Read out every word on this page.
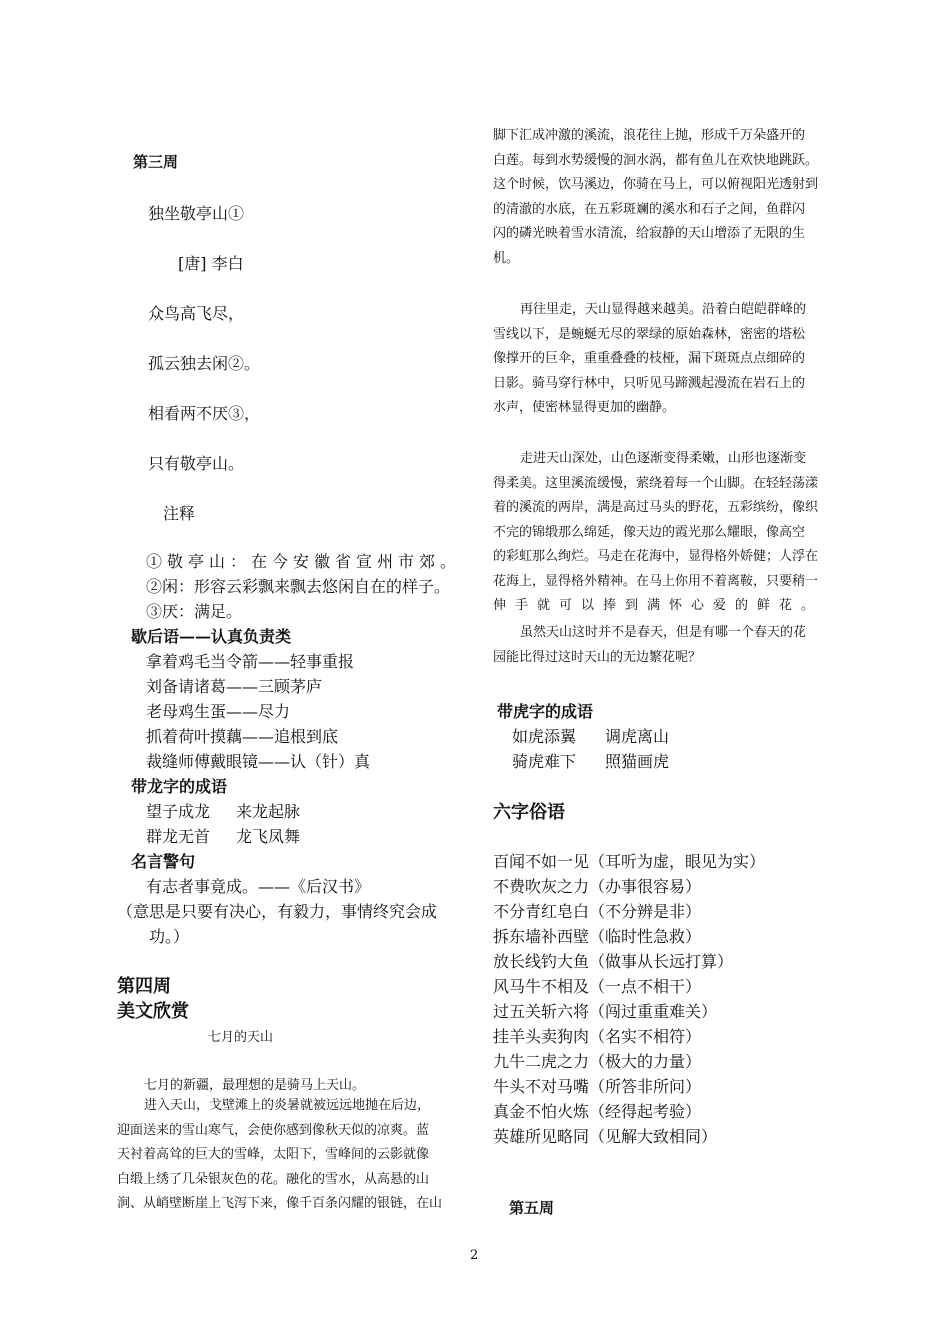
第三周
独坐敬亭山①
[唐] 李白
众鸟高飞尽，
孤云独去闲②。
相看两不厌③，
只有敬亭山。
注释
①敬亭山：在今安徽省宣州市郊。
②闲：形容云彩飘来飘去悠闲自在的样子。
③厌：满足。
歇后语——认真负责类
拿着鸡毛当令箭——轻事重报
刘备请诸葛——三顾茅庐
老母鸡生蛋——尽力
抓着荷叶摸藕——追根到底
裁缝师傅戴眼镜——认（针）真
带龙字的成语
望子成龙 来龙起脉
群龙无首 龙飞凤舞
名言警句
有志者事竟成。——《后汉书》
（意思是只要有决心，有毅力，事情终究会成
功。）
第四周
美文欣赏
七月的天山
七月的新疆，最理想的是骑马上天山。
进入天山，戈壁滩上的炎暑就被远远地抛在后边，
迎面送来的雪山寒气，会使你感到像秋天似的凉爽。蓝
天衬着高耸的巨大的雪峰，太阳下，雪峰间的云影就像
白缎上绣了几朵银灰色的花。融化的雪水，从高悬的山
涧、从峭壁断崖上飞泻下来，像千百条闪耀的银链，在山
脚下汇成冲激的溪流，浪花往上抛，形成千万朵盛开的
白莲。每到水势缓慢的洄水涡，都有鱼儿在欢快地跳跃。
这个时候，饮马溪边，你骑在马上，可以俯视阳光透射到
的清澈的水底，在五彩斑斓的溪水和石子之间，鱼群闪
闪的磷光映着雪水清流，给寂静的天山增添了无限的生
机。
再往里走，天山显得越来越美。沿着白皑皑群峰的
雪线以下，是蜿蜒无尽的翠绿的原始森林，密密的塔松
像撑开的巨伞，重重叠叠的枝桠，漏下斑斑点点细碎的
日影。骑马穿行林中，只听见马蹄溅起漫流在岩石上的
水声，使密林显得更加的幽静。
走进天山深处，山色逐渐变得柔嫩，山形也逐渐变
得柔美。这里溪流缓慢，萦绕着每一个山脚。在轻轻荡漾
着的溪流的两岸，满是高过马头的野花，五彩缤纷，像织
不完的锦缎那么绵延，像天边的霞光那么耀眼，像高空
的彩虹那么绚烂。马走在花海中，显得格外娇健；人浮在
花海上，显得格外精神。在马上你用不着离鞍，只要稍一
伸手就可以捧到满怀心爱的鲜花。
虽然天山这时并不是春天，但是有哪一个春天的花
园能比得过这时天山的无边繁花呢？
带虎字的成语
如虎添翼 调虎离山
骑虎难下 照猫画虎
六字俗语
百闻不如一见（耳听为虚，眼见为实）
不费吹灰之力（办事很容易）
不分青红皂白（不分辨是非）
拆东墙补西壁（临时性急救）
放长线钓大鱼（做事从长远打算）
风马牛不相及（一点不相干）
过五关斩六将（闯过重重难关）
挂羊头卖狗肉（名实不相符）
九牛二虎之力（极大的力量）
牛头不对马嘴（所答非所问）
真金不怕火炼（经得起考验）
英雄所见略同（见解大致相同）
第五周
2
